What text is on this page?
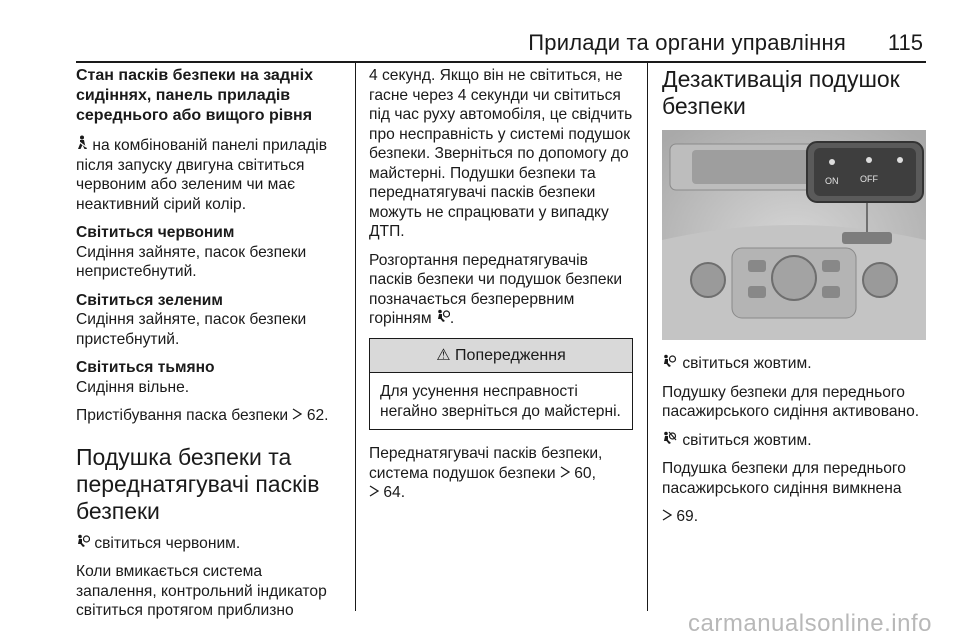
Прилади та органи управління 115
Стан пасків безпеки на задніх сидіннях, панель приладів середнього або вищого рівня

на комбінованій панелі приладів після запуску двигуна світиться червоним або зеленим чи має неактивний сірий колір.

Світиться червоним

Сидіння зайняте, пасок безпеки непристебнутий.

Світиться зеленим

Сидіння зайняте, пасок безпеки пристебнутий.

Світиться тьмяно

Сидіння вільне.

Пристібування паска безпеки 62.

Подушка безпеки та переднатягувачі пасків безпеки

світиться червоним.

Коли вмикається система запалення, контрольний індикатор світиться протягом приблизно

4 секунд. Якщо він не світиться, не гасне через 4 секунди чи світиться під час руху автомобіля, це свідчить про несправність у системі подушок безпеки. Зверніться по допомогу до майстерні. Подушки безпеки та переднатягувачі пасків безпеки можуть не спрацювати у випадку ДТП.

Розгортання переднатягувачів пасків безпеки чи подушок безпеки позначається безперервним горінням .

⚠ Попередження
Для усунення несправності негайно зверніться до майстерні.

Переднатягувачі пасків безпеки, система подушок безпеки 60,
64.

Дезактивація подушок безпеки
ON OFF

світиться жовтим.

Подушку безпеки для переднього пасажирського сидіння активовано.

світиться жовтим.

Подушка безпеки для переднього пасажирського сидіння вимкнена

69.

carmanualsonline.info
